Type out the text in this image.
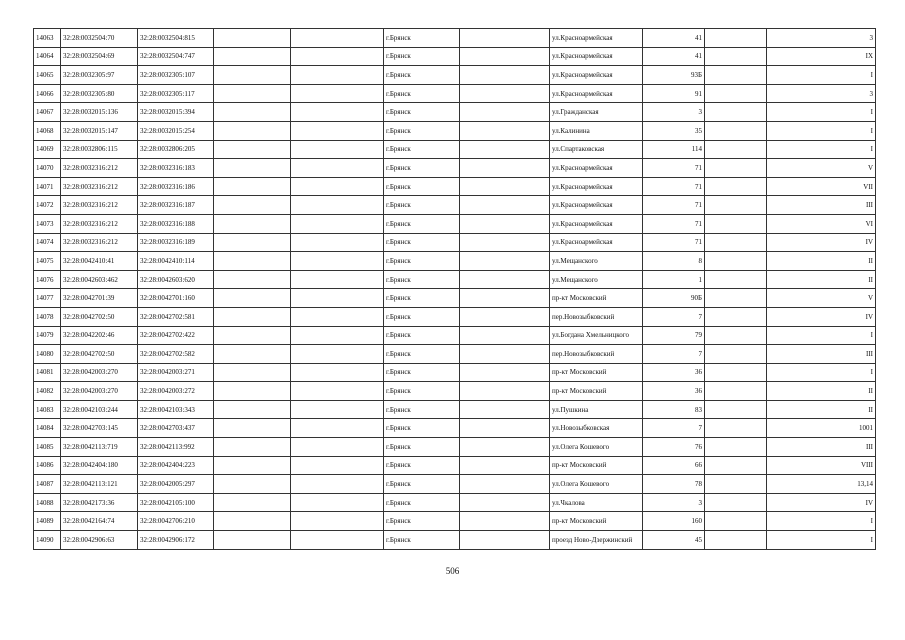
14063	32:28:0032504:70	32:28:0032504:815			г.Брянск		ул.Красноармейская	41		3
14064	32:28:0032504:69	32:28:0032504:747			г.Брянск		ул.Красноармейская	41		IX
14065	32:28:0032305:97	32:28:0032305:107			г.Брянск		ул.Красноармейская	93Б		I
14066	32:28:0032305:80	32:28:0032305:117			г.Брянск		ул.Красноармейская	91		3
14067	32:28:0032015:136	32:28:0032015:394			г.Брянск		ул.Гражданская	3		I
14068	32:28:0032015:147	32:28:0032015:254			г.Брянск		ул.Калинина	35		I
14069	32:28:0032806:115	32:28:0032806:205			г.Брянск		ул.Спартаковская	114		I
14070	32:28:0032316:212	32:28:0032316:183			г.Брянск		ул.Красноармейская	71		V
14071	32:28:0032316:212	32:28:0032316:186			г.Брянск		ул.Красноармейская	71		VII
14072	32:28:0032316:212	32:28:0032316:187			г.Брянск		ул.Красноармейская	71		III
14073	32:28:0032316:212	32:28:0032316:188			г.Брянск		ул.Красноармейская	71		VI
14074	32:28:0032316:212	32:28:0032316:189			г.Брянск		ул.Красноармейская	71		IV
14075	32:28:0042410:41	32:28:0042410:114			г.Брянск		ул.Мещанского	8		II
14076	32:28:0042603:462	32:28:0042603:620			г.Брянск		ул.Мещанского	1		II
14077	32:28:0042701:39	32:28:0042701:160			г.Брянск		пр-кт Московский	90Б		V
14078	32:28:0042702:50	32:28:0042702:581			г.Брянск		пер.Новозыбковский	7		IV
14079	32:28:0042202:46	32:28:0042702:422			г.Брянск		ул.Богдана Хмельницкого	79		I
14080	32:28:0042702:50	32:28:0042702:582			г.Брянск		пер.Новозыбковский	7		III
14081	32:28:0042003:270	32:28:0042003:271			г.Брянск		пр-кт Московский	36		I
14082	32:28:0042003:270	32:28:0042003:272			г.Брянск		пр-кт Московский	36		II
14083	32:28:0042103:244	32:28:0042103:343			г.Брянск		ул.Пушкина	83		II
14084	32:28:0042703:145	32:28:0042703:437			г.Брянск		ул.Новозыбковская	7		1001
14085	32:28:0042113:719	32:28:0042113:992			г.Брянск		ул.Олега Кошевого	76		III
14086	32:28:0042404:180	32:28:0042404:223			г.Брянск		пр-кт Московский	66		VIII
14087	32:28:0042113:121	32:28:0042005:297			г.Брянск		ул.Олега Кошевого	78		13,14
14088	32:28:0042173:36	32:28:0042105:100			г.Брянск		ул.Чкалова	3		IV
14089	32:28:0042164:74	32:28:0042706:210			г.Брянск		пр-кт Московский	160		I
14090	32:28:0042906:63	32:28:0042906:172			г.Брянск		проезд Ново-Дзержинский	45		I
506
